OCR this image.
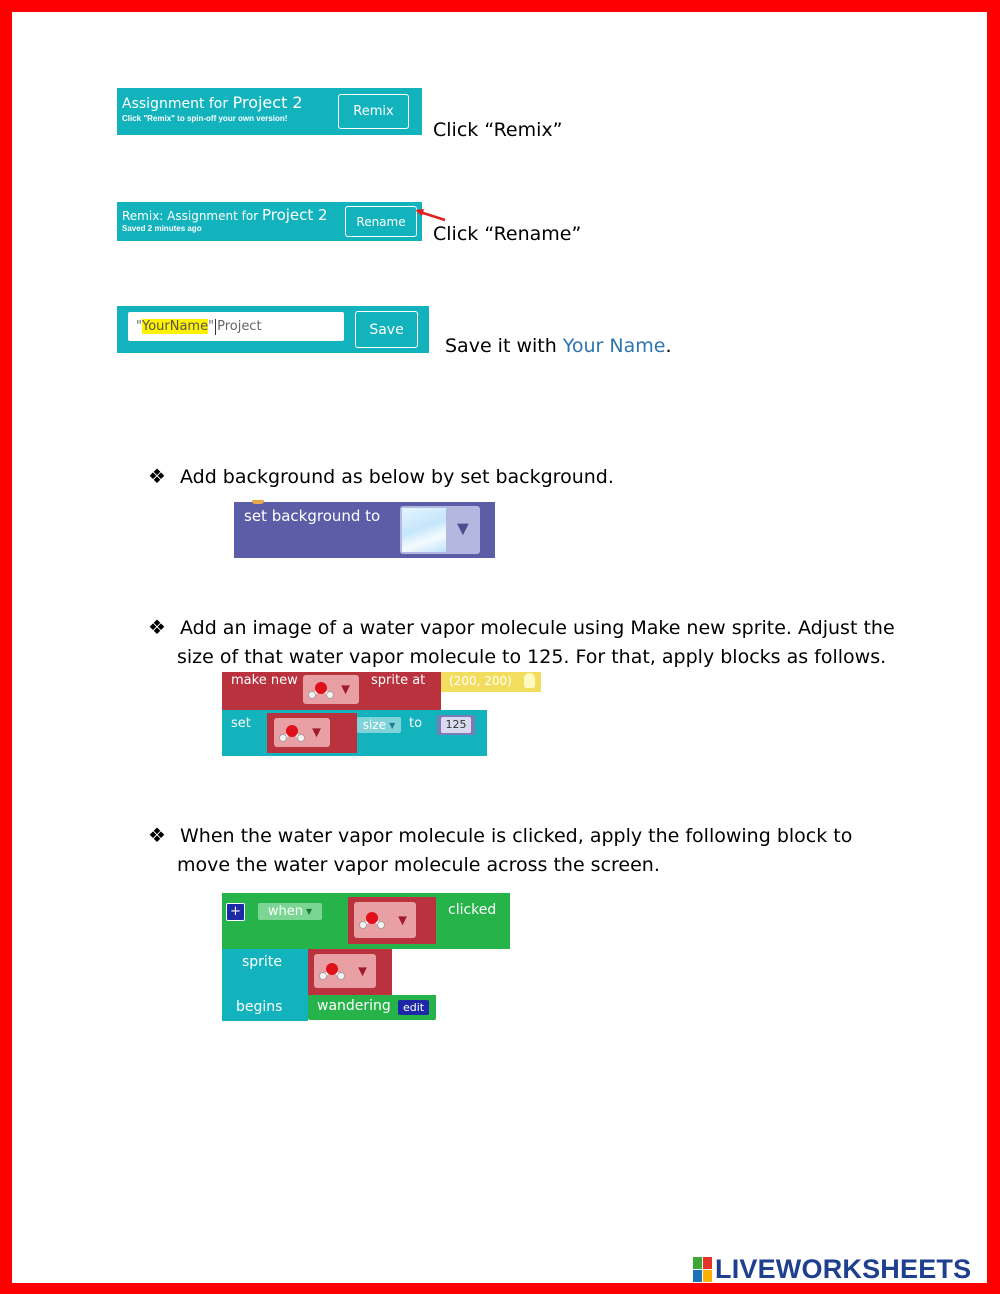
Assignment for Project 2
Click "Remix" to spin-off your own version!	Remix
Click “Remix”
Remix: Assignment for Project 2
Saved 2 minutes ago	Rename
Click “Rename”
" YourName " Project	Save
Save it with Your Name.
❖ Add background as below by set background.
set background to
▼
❖ Add an image of a water vapor molecule using Make new sprite. Adjust the
size of that water vapor molecule to 125. For that, apply blocks as follows.
make new
▼
sprite at (200, 200)
set
▼	size ▼ to	125
❖ When the water vapor molecule is clicked, apply the following block to
move the water vapor molecule across the screen.
+	when ▼	▼
clicked
sprite
begins
▼
wandering	edit
LIVEWORKSHEETS
